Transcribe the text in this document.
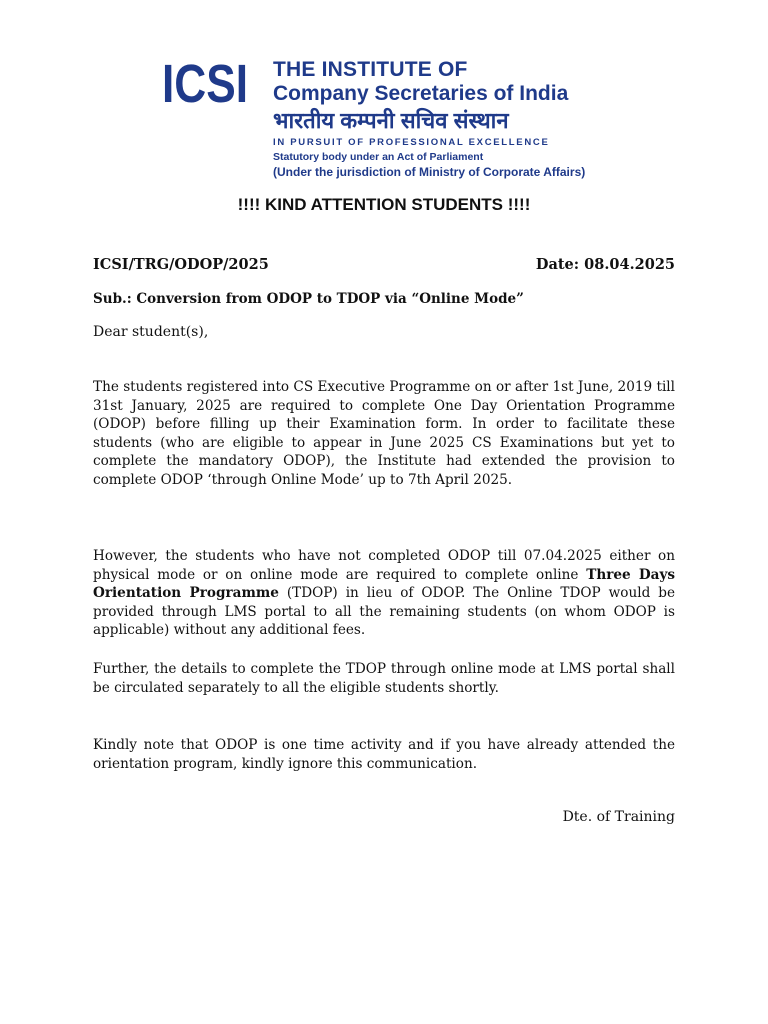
ICSI THE INSTITUTE OF
Company Secretaries of India
भारतीय कम्पनी सचिव संस्थान
IN PURSUIT OF PROFESSIONAL EXCELLENCE
Statutory body under an Act of Parliament
(Under the jurisdiction of Ministry of Corporate Affairs)
!!!! KIND ATTENTION STUDENTS !!!!
ICSI/TRG/ODOP/2025	Date: 08.04.2025
Sub.: Conversion from ODOP to TDOP via “Online Mode”
Dear student(s),
The students registered into CS Executive Programme on or after 1st June, 2019 till 31st January, 2025 are required to complete One Day Orientation Programme (ODOP) before filling up their Examination form. In order to facilitate these students (who are eligible to appear in June 2025 CS Examinations but yet to complete the mandatory ODOP), the Institute had extended the provision to complete ODOP ‘through Online Mode’ up to 7th April 2025.
However, the students who have not completed ODOP till 07.04.2025 either on physical mode or on online mode are required to complete online Three Days Orientation Programme (TDOP) in lieu of ODOP. The Online TDOP would be provided through LMS portal to all the remaining students (on whom ODOP is applicable) without any additional fees.
Further, the details to complete the TDOP through online mode at LMS portal shall be circulated separately to all the eligible students shortly.
Kindly note that ODOP is one time activity and if you have already attended the orientation program, kindly ignore this communication.
Dte. of Training
